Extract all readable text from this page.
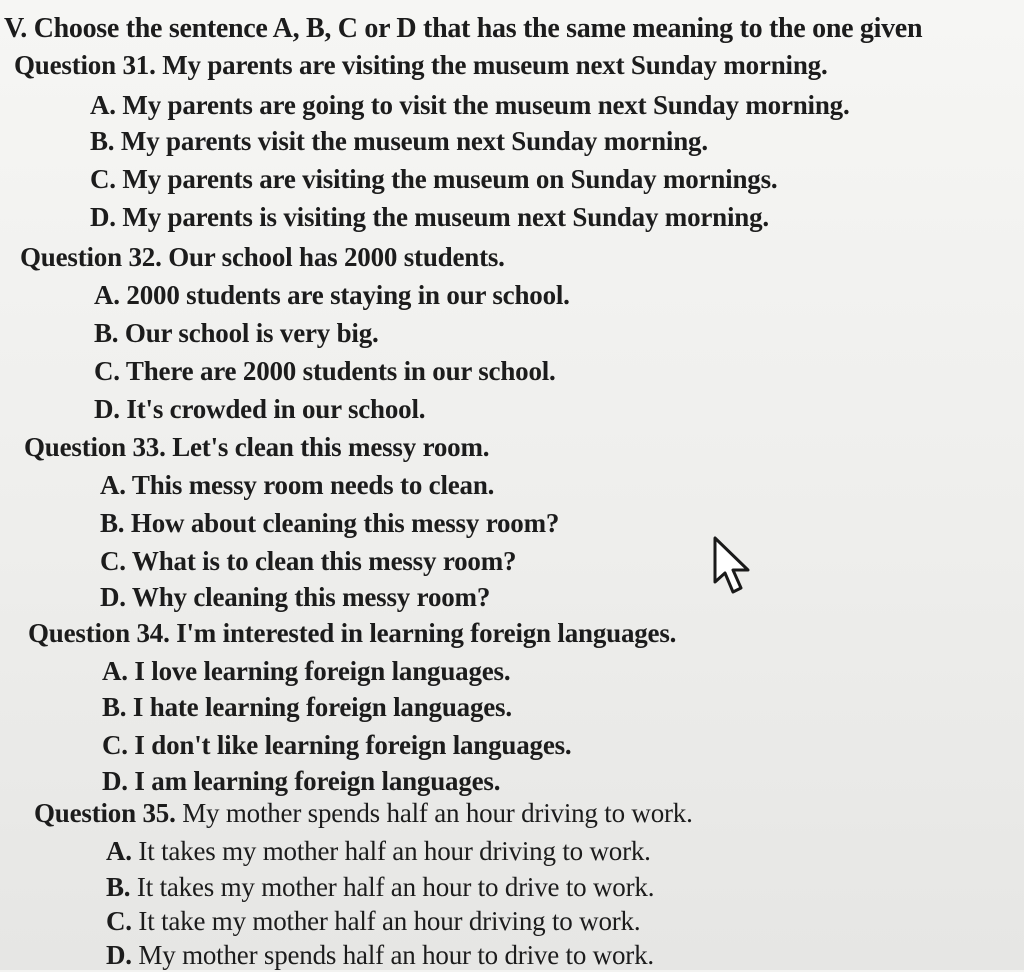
V. Choose the sentence A, B, C or D that has the same meaning to the one given
Question 31. My parents are visiting the museum next Sunday morning.
A. My parents are going to visit the museum next Sunday morning.
B. My parents visit the museum next Sunday morning.
C. My parents are visiting the museum on Sunday mornings.
D. My parents is visiting the museum next Sunday morning.
Question 32. Our school has 2000 students.
A. 2000 students are staying in our school.
B. Our school is very big.
C. There are 2000 students in our school.
D. It's crowded in our school.
Question 33. Let's clean this messy room.
A. This messy room needs to clean.
B. How about cleaning this messy room?
C. What is to clean this messy room?
D. Why cleaning this messy room?
Question 34. I'm interested in learning foreign languages.
A. I love learning foreign languages.
B. I hate learning foreign languages.
C. I don't like learning foreign languages.
D. I am learning foreign languages.
Question 35. My mother spends half an hour driving to work.
A. It takes my mother half an hour driving to work.
B. It takes my mother half an hour to drive to work.
C. It take my mother half an hour driving to work.
D. My mother spends half an hour to drive to work.
